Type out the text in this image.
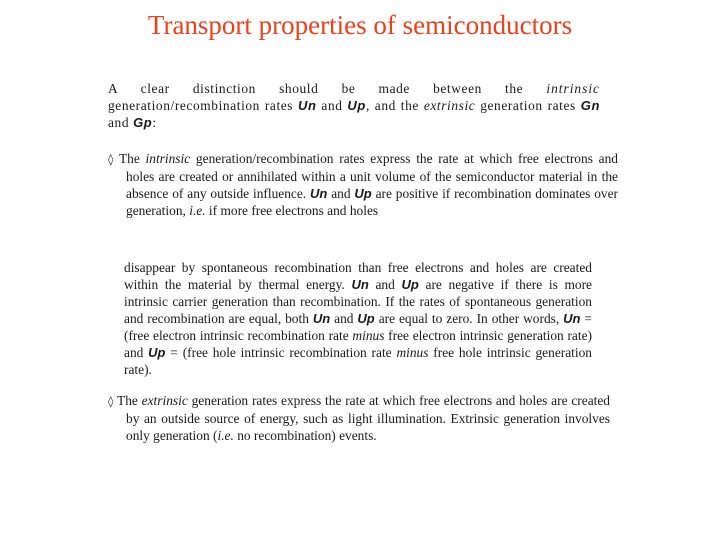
Transport properties of semiconductors

A clear distinction should be made between the intrinsic generation/recombination rates Un and Up, and the extrinsic generation rates Gn and Gp:

◊ The intrinsic generation/recombination rates express the rate at which free electrons and holes are created or annihilated within a unit volume of the semiconductor material in the absence of any outside influence. Un and Up are positive if recombination dominates over generation, i.e. if more free electrons and holes

disappear by spontaneous recombination than free electrons and holes are created within the material by thermal energy. Un and Up are negative if there is more intrinsic carrier generation than recombination. If the rates of spontaneous generation and recombination are equal, both Un and Up are equal to zero. In other words, Un = (free electron intrinsic recombination rate minus free electron intrinsic generation rate) and Up = (free hole intrinsic recombination rate minus free hole intrinsic generation rate).

◊ The extrinsic generation rates express the rate at which free electrons and holes are created by an outside source of energy, such as light illumination. Extrinsic generation involves only generation (i.e. no recombination) events.
